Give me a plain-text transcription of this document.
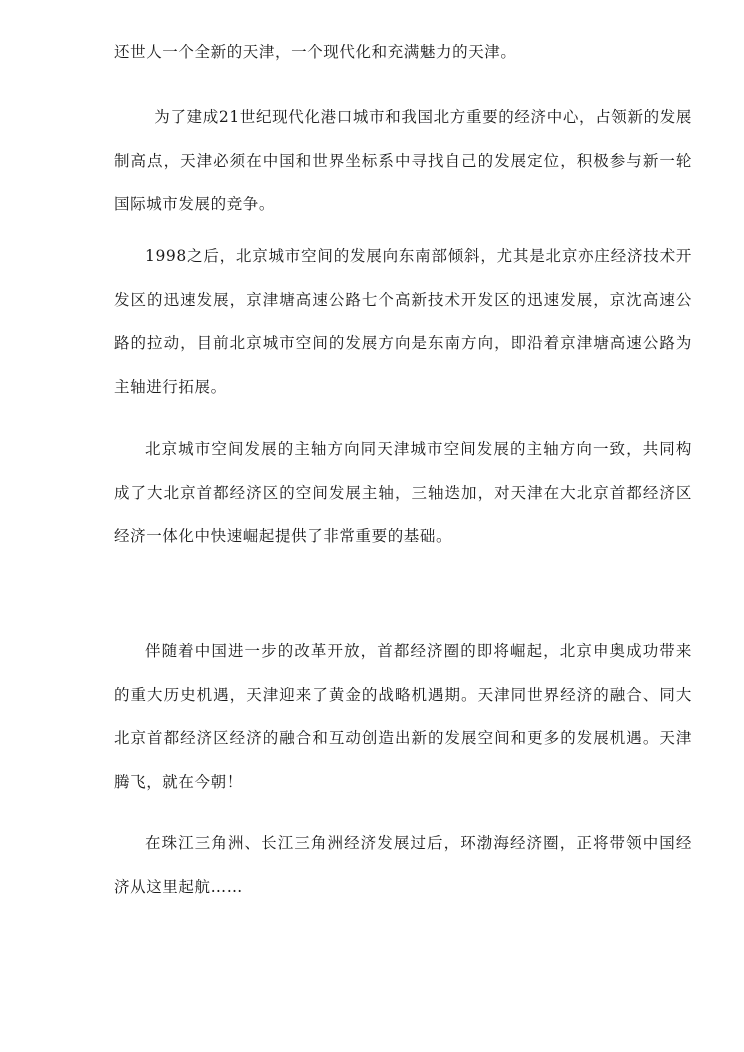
还世人一个全新的天津，一个现代化和充满魅力的天津。

为了建成21世纪现代化港口城市和我国北方重要的经济中心，占领新的发展制高点，天津必须在中国和世界坐标系中寻找自己的发展定位，积极参与新一轮国际城市发展的竞争。

1998之后，北京城市空间的发展向东南部倾斜，尤其是北京亦庄经济技术开发区的迅速发展，京津塘高速公路七个高新技术开发区的迅速发展，京沈高速公路的拉动，目前北京城市空间的发展方向是东南方向，即沿着京津塘高速公路为主轴进行拓展。

北京城市空间发展的主轴方向同天津城市空间发展的主轴方向一致，共同构成了大北京首都经济区的空间发展主轴，三轴迭加，对天津在大北京首都经济区经济一体化中快速崛起提供了非常重要的基础。

伴随着中国进一步的改革开放，首都经济圈的即将崛起，北京申奥成功带来的重大历史机遇，天津迎来了黄金的战略机遇期。天津同世界经济的融合、同大北京首都经济区经济的融合和互动创造出新的发展空间和更多的发展机遇。天津腾飞，就在今朝！

在珠江三角洲、长江三角洲经济发展过后，环渤海经济圈，正将带领中国经济从这里起航……
